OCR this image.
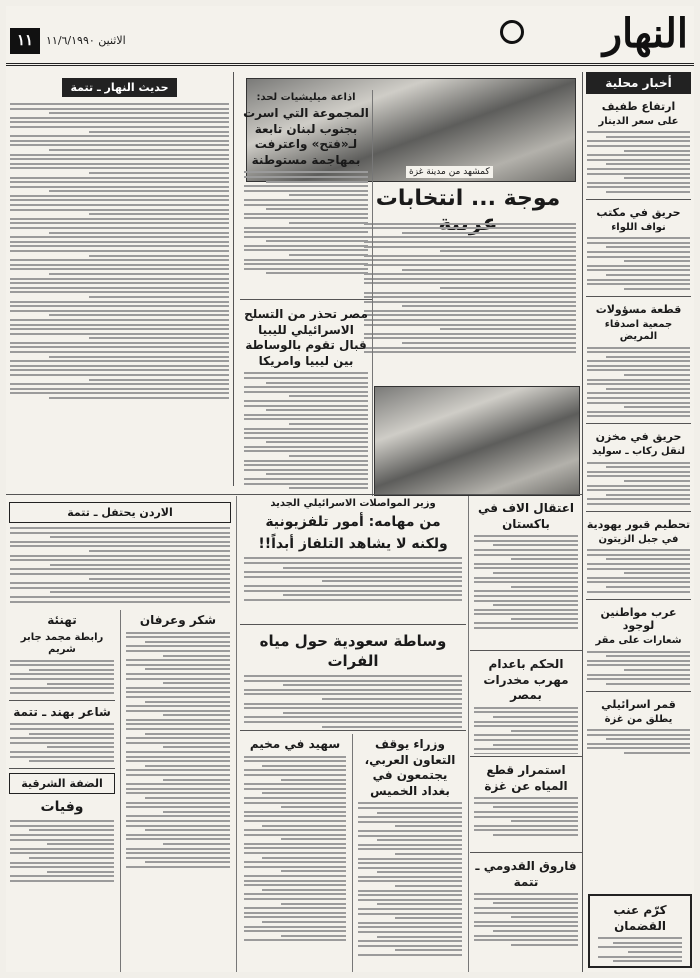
النهار
١١	الاثنين ١١/٦/١٩٩٠
أخبار محلية
ارتفاع طفيف
على سعر الدينار
حريق في مكتب
نواف اللواء
قطعة مسؤولات
جمعية اصدقاء المريض
حريق في مخزن
لنقل ركاب ـ سوليد
تحطيم قبور يهودية
في جبل الزيتون
عرب مواطنين لوجود
شعارات على مقر
قمر اسرائيلي
يطلق من غزة
كمشهد من مدينة غزة
موجة ... انتخابات
اذاعة ميليشيات لحد:
المجموعة التي اسرت بجنوب لبنان تابعة لـ«فتح» واعترفت بمهاجمة مستوطنة
مصر تحذر من التسلح الاسرائيلي لليبيا قبال تقوم بالوساطة بين ليبيا وامريكا
حديث النهار ـ تتمة
الاردن يحتفل ـ تتمة
تهنئة
رابطة مجمد جابر شريم
شاعر بهند ـ تتمة
الضفة الشرقية
وفيات
شكر وعرفان
وزير المواصلات الاسرائيلي الجديد
من مهامه: أمور تلفزيونية
ولكنه لا يشاهد التلفاز أبداً!!
وساطة سعودية حول مياه الفرات
سهيد في مخيم	وزراء يوقف التعاون العربي، يجتمعون في بغداد الخميس
اعتقال الاف في باكستان
الحكم باعدام مهرب مخدرات بمصر
استمرار قطع المياه عن غزة
فاروق القدومي ـ تتمة
كرّم عنب القضمان
